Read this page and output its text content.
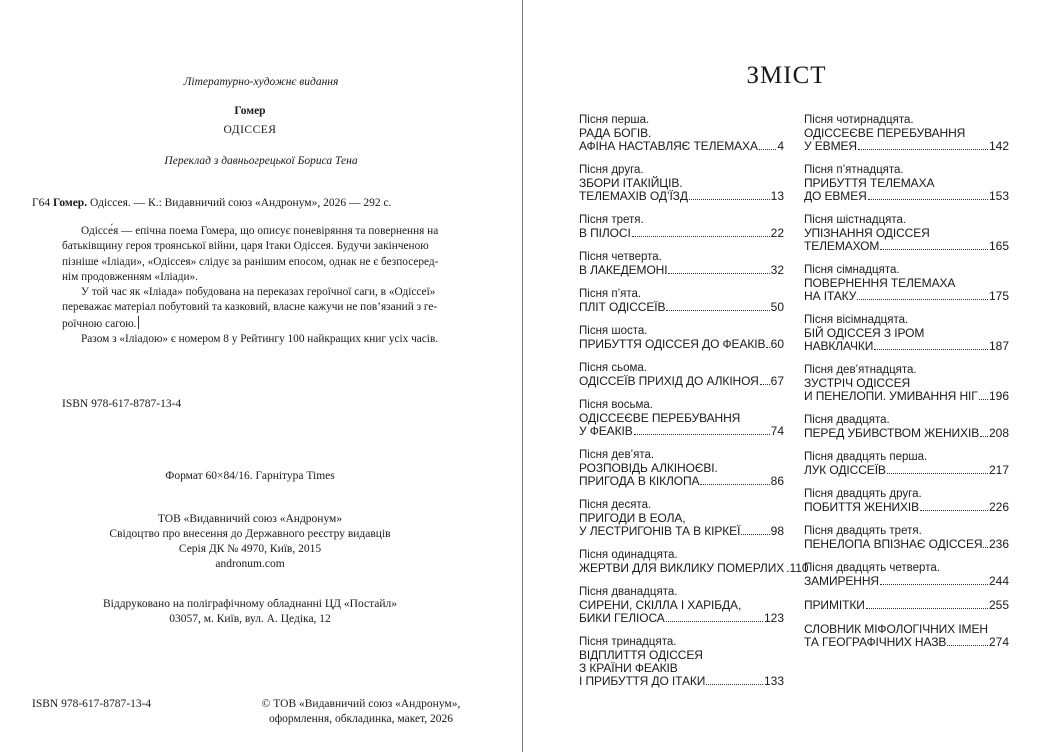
Літературно-художнє видання
Гомер
ОДІССЕЯ
Переклад з давньогрецької Бориса Тена
Г64 Гомер. Одіссея. — К.: Видавничий союз «Андронум», 2026 — 292 с.

Одіссе́я — епічна поема Гомера, що описує поневіряння та повернення на
батьківщину героя троянської війни, царя Ітаки Одіссея. Будучи закінченою
пізніше «Іліади», «Одіссея» слідує за ранішим епосом, однак не є безпосеред-
нім продовженням «Іліади».

У той час як «Іліада» побудована на переказах героїчної саги, в «Одіссеї»
переважає матеріал побутовий та казковий, власне кажучи не пов’язаний з ге-
роїчною сагою.

Разом з «Іліадою» є номером 8 у Рейтингу 100 найкращих книг усіх часів.

ISBN 978-617-8787-13-4
Формат 60×84/16. Гарнітура Times
ТОВ «Видавничий союз «Андронум»
Свідоцтво про внесення до Державного реєстру видавців
Серія ДК № 4970, Київ, 2015
andronum.com
Віддруковано на поліграфічному обладнанні ЦД «Постайл»
03057, м. Київ, вул. А. Цедіка, 12
ISBN 978-617-8787-13-4	© ТОВ «Видавничий союз «Андронум»,
оформлення, обкладинка, макет, 2026
ЗМІСТ
Пісня перша.
РАДА БОГІВ.
АФІНА НАСТАВЛЯЄ ТЕЛЕМАХА 4
Пісня друга.
ЗБОРИ ІТАКІЙЦІВ.
ТЕЛЕМАХІВ ОД’ЇЗД	13
Пісня третя.
В ПІЛОСІ	22
Пісня четверта.
В ЛАКЕДЕМОНІ	32
Пісня п’ята.
ПЛІТ ОДІССЕЇВ	50
Пісня шоста.
ПРИБУТТЯ ОДІССЕЯ ДО ФЕАКІВ 60
Пісня сьома.
ОДІССЕЇВ ПРИХІД ДО АЛКІНОЯ 67
Пісня восьма.
ОДІССЕЄВЕ ПЕРЕБУВАННЯ
У ФЕАКІВ	74
Пісня дев’ята.
РОЗПОВІДЬ АЛКІНОЄВІ.
ПРИГОДА В КІКЛОПА	86
Пісня десята.
ПРИГОДИ В ЕОЛА,
У ЛЕСТРИГОНІВ ТА В КІРКЕЇ	98
Пісня одинадцята.
ЖЕРТВИ ДЛЯ ВИКЛИКУ ПОМЕРЛИХ .110
Пісня дванадцята.
СИРЕНИ, СКІЛЛА І ХАРІБДА,
БИКИ ГЕЛІОСА	123
Пісня тринадцята.
ВІДПЛИТТЯ ОДІССЕЯ
З КРАЇНИ ФЕАКІВ
І ПРИБУТТЯ ДО ІТАКИ	133
Пісня чотирнадцята.
ОДІССЕЄВЕ ПЕРЕБУВАННЯ
У ЕВМЕЯ	142
Пісня п’ятнадцята.
ПРИБУТТЯ ТЕЛЕМАХА
ДО ЕВМЕЯ	153
Пісня шістнадцята.
УПІЗНАННЯ ОДІССЕЯ
ТЕЛЕМАХОМ	165
Пісня сімнадцята.
ПОВЕРНЕННЯ ТЕЛЕМАХА
НА ІТАКУ	175
Пісня вісімнадцята.
БІЙ ОДІССЕЯ З ІРОМ
НАВКЛАЧКИ	187
Пісня дев’ятнадцята.
ЗУСТРІЧ ОДІССЕЯ
И ПЕНЕЛОПИ. УМИВАННЯ НІГ 196
Пісня двадцята.
ПЕРЕД УБИВСТВОМ ЖЕНИХІВ 208
Пісня двадцять перша.
ЛУК ОДІССЕЇВ	217
Пісня двадцять друга.
ПОБИТТЯ ЖЕНИХІВ	226
Пісня двадцять третя.
ПЕНЕЛОПА ВПІЗНАЄ ОДІССЕЯ 236
Пісня двадцять четверта.
ЗАМИРЕННЯ	244
ПРИМІТКИ	255
СЛОВНИК МІФОЛОГІЧНИХ ІМЕН
ТА ГЕОГРАФІЧНИХ НАЗВ	274
